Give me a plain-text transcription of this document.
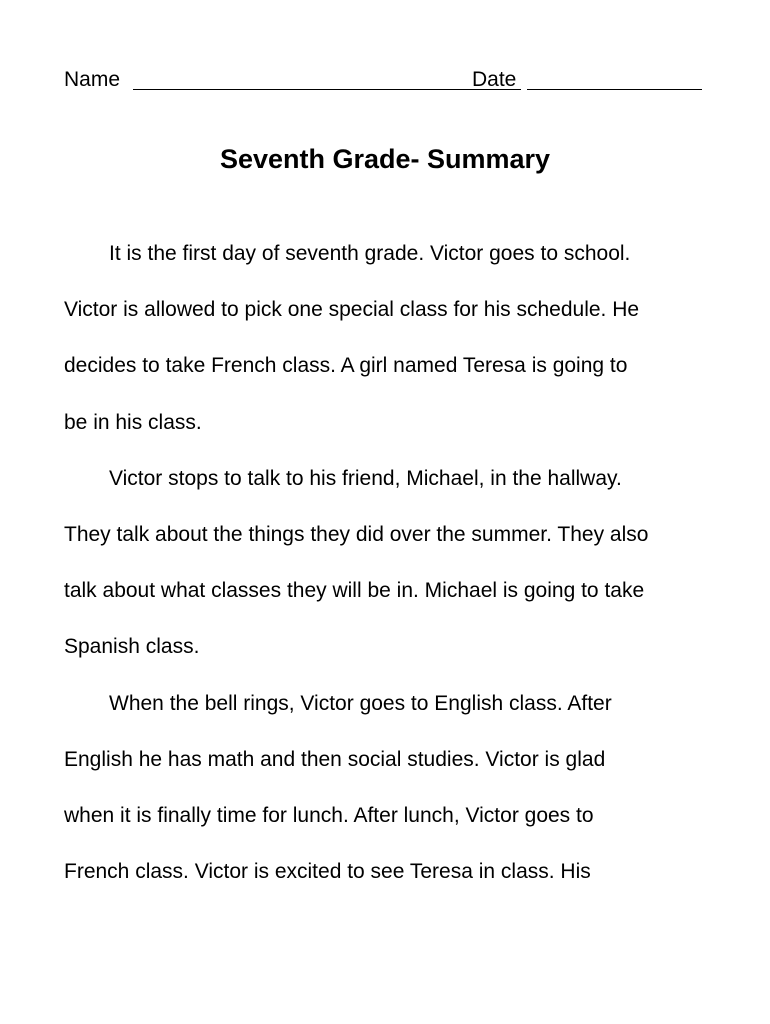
Name	Date
Seventh Grade- Summary
It is the first day of seventh grade. Victor goes to school.
Victor is allowed to pick one special class for his schedule. He
decides to take French class. A girl named Teresa is going to
be in his class.
Victor stops to talk to his friend, Michael, in the hallway.
They talk about the things they did over the summer. They also
talk about what classes they will be in. Michael is going to take
Spanish class.
When the bell rings, Victor goes to English class. After
English he has math and then social studies. Victor is glad
when it is finally time for lunch. After lunch, Victor goes to
French class. Victor is excited to see Teresa in class. His
